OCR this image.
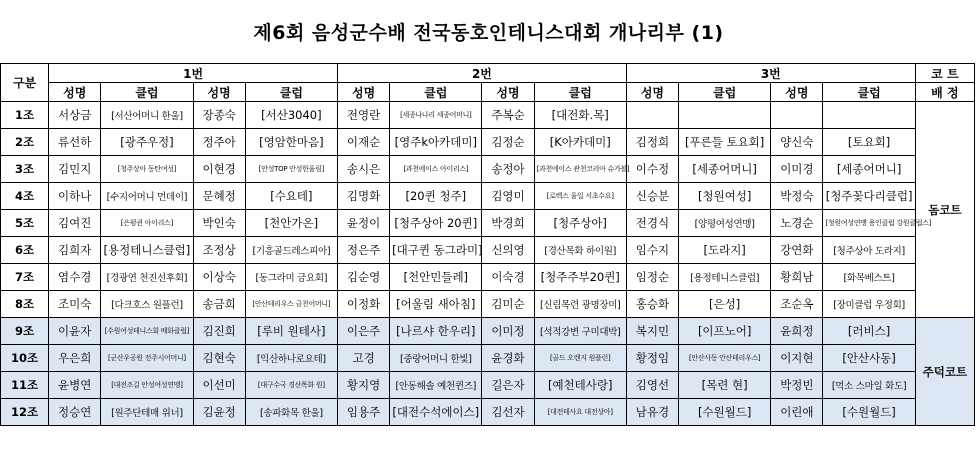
제6회 음성군수배 전국동호인테니스대회 개나리부 (1)
구분	1번				2번				3번				코 트
	성명	클럽	성명	클럽	성명	클럽	성명	클럽	성명	클럽	성명	클럽	배 정
1조	서상금	[서산어머니 한울]	장종숙	[서산3040]	전영란	[세종나나리 세종어머니]	주복순	[대전화.목]					돔코트
2조	류선하	[광주우정]	정주아	[영암한마음]	이재순	[영주k아카데미]	김정순	[K아카데미]	김정희	[푸른들 토요회]	양신숙	[토요회]	
3조	김민지	[청주상아 동탄여성]	이현경	[안성TOP 안성한울림]	송시은	[과천에이스 아이리스]	송정아	[과천에이스 관천코리아 슈가볼]	이수정	[세종어머니]	이미경	[세종어머니]	
4조	이하나	[수지어머니 먼데이]	문혜정	[수요테]	김명화	[20퀸 청주]	김영미	[로렉스 울일 서초수요]	신승분	[청원여성]	박정숙	[청주꽃다리클럽]	
5조	김여진	[은평퀸 아이리스]	박인숙	[천안가온]	윤정이	[청주상아 20퀸]	박경희	[청주상아]	전경식	[양평여성연맹]	노경순	[청원여성연맹 용인클럽 강원클럽스]	
6조	김희자	[용정테니스클럽]	조정상	[기흥골드레스피아]	정은주	[대구퀸 동그라미]	신의영	[경산목화 하이원]	임수지	[도라지]	강연화	[청주상아 도라지]	
7조	염수경	[경광연 천진선후회]	이상숙	[동그라미 금요회]	김순영	[천안민들레]	이숙경	[청주주부20퀸]	임정순	[용정테니스클럽]	황희남	[화목베스트]	
8조	조미숙	[다크호스 원플런]	송금희	[안산테리우스 금천어머니]	이정화	[어울림 새아침]	김미순	[신림목련 광명장미]	홍승화	[은성]	조순옥	[장미클럽 우정회]	
9조	이윤자	[수원여성테니스회 배화클럽]	김진희	[루비 원테사]	이은주	[나르샤 한우리]	이미정	[석적강변 구미대박]	복지민	[이프노어]	윤희정	[러비스]	주덕코트
10조	우은희	[군산우공원 전주시어머니]	김현숙	[익산하나로요테]	고경	[중랑어머니 한빛]	윤경화	[골드 오렌지 원플런]	황정임	[안산사동 안산테리우스]	이지현	[안산사동]	
11조	윤병연	[대전조길 안성여성연맹]	이선미	[대구수국 경산목화 원]	황지영	[안동해솔 예천퀸즈]	길은자	[예천테사랑]	김영선	[목련 현]	박정빈	[먹소 스마일 화도]	
12조	정승연	[원주단테매 위너]	김윤정	[송파화목 한울]	임용주	[대전수석에이스]	김선자	[대전테사요 대전상아]	남유경	[수원월드]	이린애	[수원월드]	
